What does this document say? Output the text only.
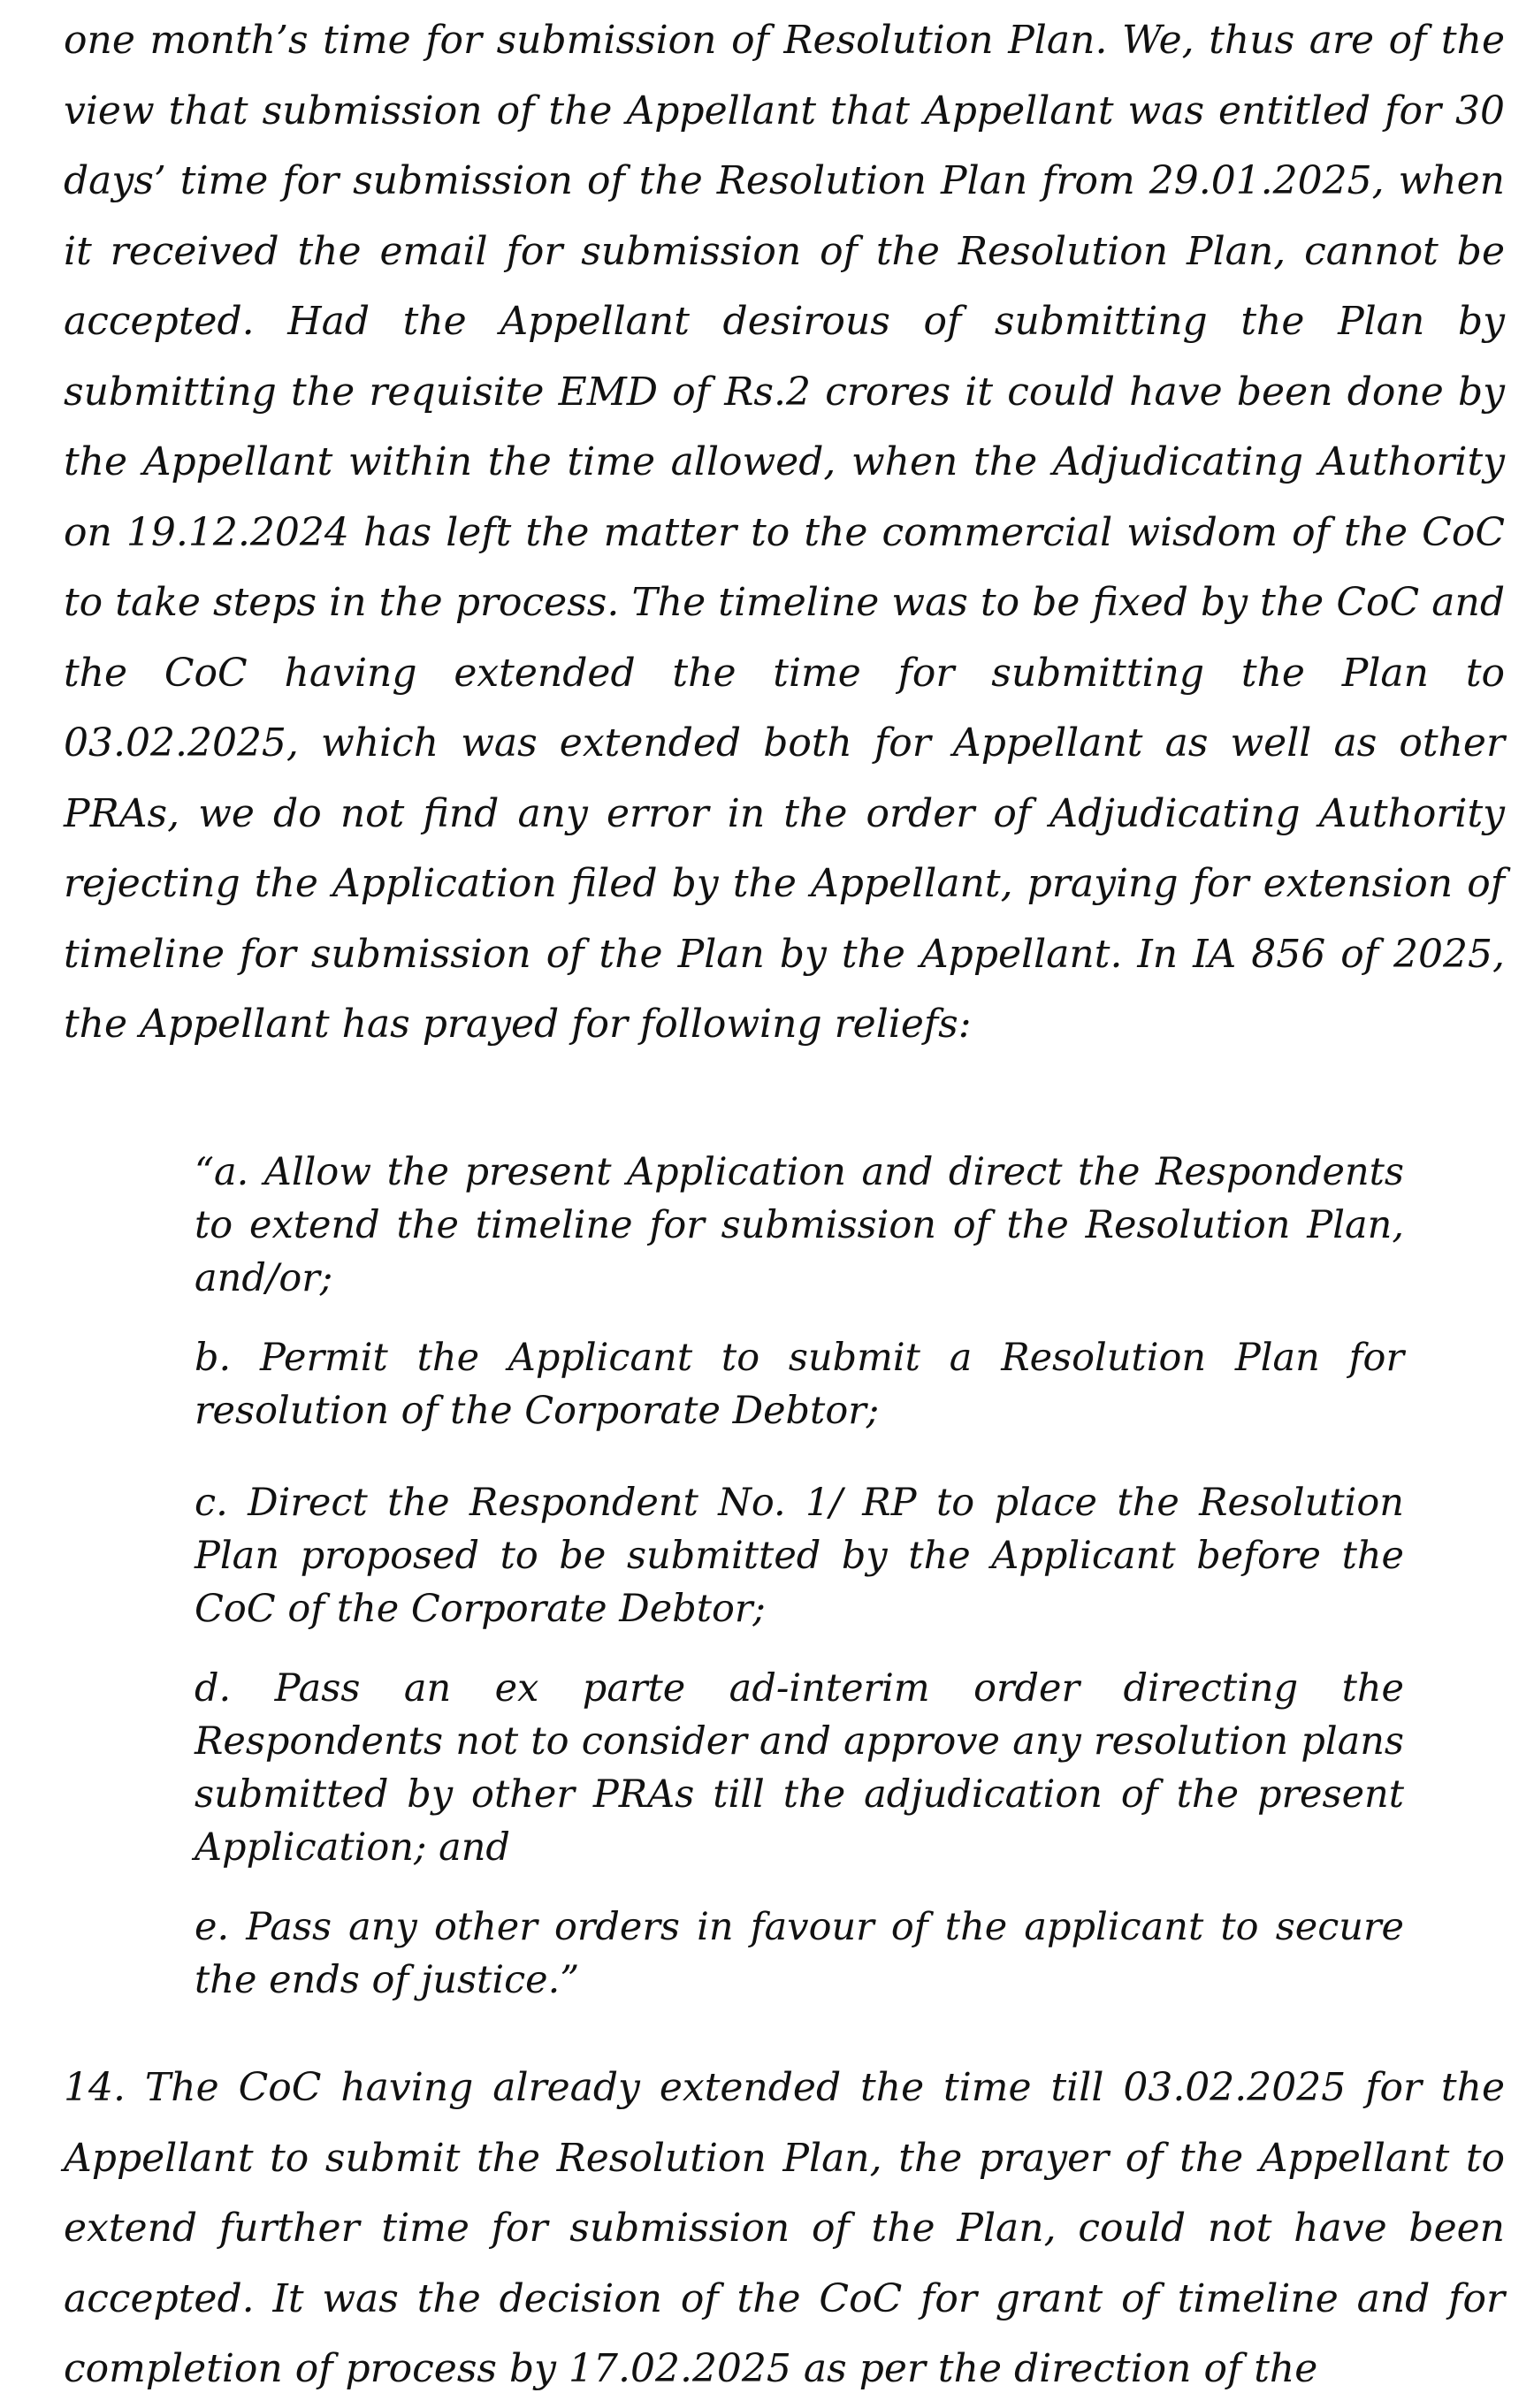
one month’s time for submission of Resolution Plan. We, thus are of the view that submission of the Appellant that Appellant was entitled for 30 days’ time for submission of the Resolution Plan from 29.01.2025, when it received the email for submission of the Resolution Plan, cannot be accepted. Had the Appellant desirous of submitting the Plan by submitting the requisite EMD of Rs.2 crores it could have been done by the Appellant within the time allowed, when the Adjudicating Authority on 19.12.2024 has left the matter to the commercial wisdom of the CoC to take steps in the process. The timeline was to be fixed by the CoC and the CoC having extended the time for submitting the Plan to 03.02.2025, which was extended both for Appellant as well as other PRAs, we do not find any error in the order of Adjudicating Authority rejecting the Application filed by the Appellant, praying for extension of timeline for submission of the Plan by the Appellant. In IA 856 of 2025, the Appellant has prayed for following reliefs:

“a. Allow the present Application and direct the Respondents to extend the timeline for submission of the Resolution Plan, and/or;
b. Permit the Applicant to submit a Resolution Plan for resolution of the Corporate Debtor;
c. Direct the Respondent No. 1/ RP to place the Resolution Plan proposed to be submitted by the Applicant before the CoC of the Corporate Debtor;
d. Pass an ex parte ad-interim order directing the Respondents not to consider and approve any resolution plans submitted by other PRAs till the adjudication of the present Application; and
e. Pass any other orders in favour of the applicant to secure the ends of justice.”

14. The CoC having already extended the time till 03.02.2025 for the Appellant to submit the Resolution Plan, the prayer of the Appellant to extend further time for submission of the Plan, could not have been accepted. It was the decision of the CoC for grant of timeline and for completion of process by 17.02.2025 as per the direction of the
